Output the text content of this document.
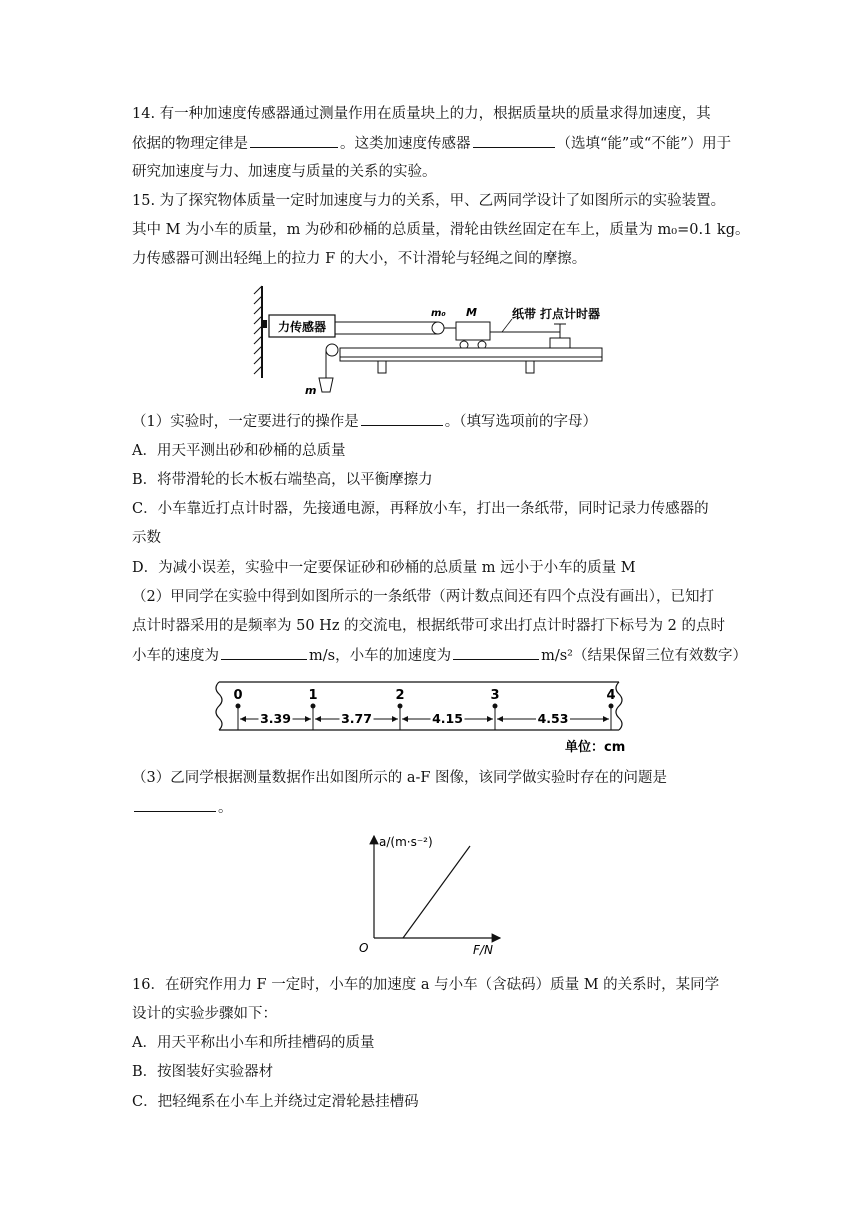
14. 有一种加速度传感器通过测量作用在质量块上的力，根据质量块的质量求得加速度，其
依据的物理定律是	。这类加速度传感器	（选填“能”或“不能”）用于
研究加速度与力、加速度与质量的关系的实验。
15. 为了探究物体质量一定时加速度与力的关系，甲、乙两同学设计了如图所示的实验装置。
其中 M 为小车的质量，m 为砂和砂桶的总质量，滑轮由铁丝固定在车上，质量为 m₀=0.1 kg。
力传感器可测出轻绳上的拉力 F 的大小，不计滑轮与轻绳之间的摩擦。
力传感器
m₀ M	纸带 打点计时器
m
（1）实验时，一定要进行的操作是	。（填写选项前的字母）
A．用天平测出砂和砂桶的总质量
B．将带滑轮的长木板右端垫高，以平衡摩擦力
C．小车靠近打点计时器，先接通电源，再释放小车，打出一条纸带，同时记录力传感器的
示数
D．为减小误差，实验中一定要保证砂和砂桶的总质量 m 远小于小车的质量 M
（2）甲同学在实验中得到如图所示的一条纸带（两计数点间还有四个点没有画出），已知打
点计时器采用的是频率为 50 Hz 的交流电，根据纸带可求出打点计时器打下标号为 2 的点时
小车的速度为	m/s，小车的加速度为	m/s²（结果保留三位有效数字）
0	1	2	3	4
3.39	3.77	4.15	4.53
单位：cm
（3）乙同学根据测量数据作出如图所示的 a-F 图像，该同学做实验时存在的问题是
。
a/(m·s⁻²)
F/N
O
16．在研究作用力 F 一定时，小车的加速度 a 与小车（含砝码）质量 M 的关系时，某同学
设计的实验步骤如下：
A．用天平称出小车和所挂槽码的质量
B．按图装好实验器材
C．把轻绳系在小车上并绕过定滑轮悬挂槽码
